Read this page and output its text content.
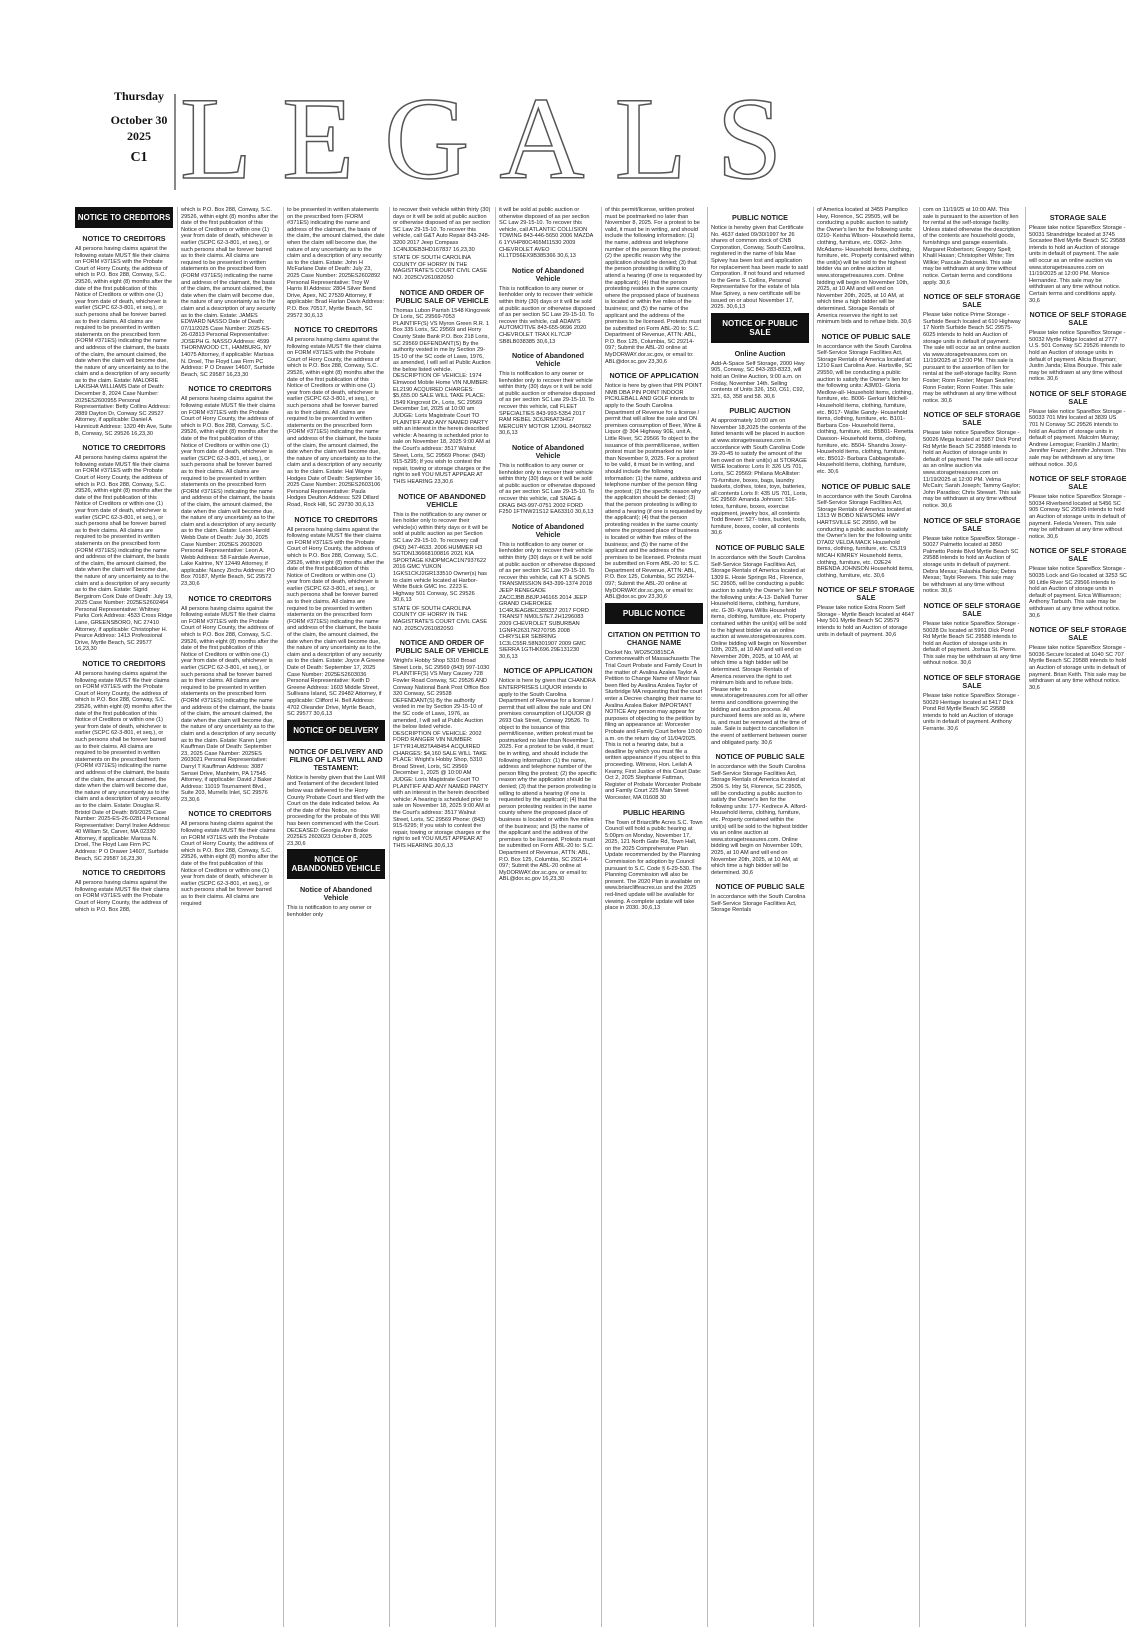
Thursday
October 30
2025
C1 LEGALS
NOTICE TO CREDITORS
NOTICE TO CREDITORS
All persons having claims against the following estate MUST file their claims on FORM #371ES with the Probate Court of Horry County, the address of which is P.O. Box 288, Conway, S.C. 29526, within eight (8) months after the date of the first publication of this Notice of Creditors or within one (1) year from date of death, whichever is earlier (SCPC 62-3-801, et seq.), or such persons shall be forever barred as to their claims. All claims are required to be presented in written statements on the prescribed form (FORM #371ES) indicating the name and address of the claimant, the basis of the claim, the amount claimed, the date when the claim will become due, the nature of any uncertainty as to the claim and a description of any security as to the claim. Estate: MALORIE LAKISHA WILLIAMS Date of Death: December 8, 2024 Case Number: 2025ES2600955 Personal Representative: Betty Collins Address: 2889 Dayton Dr, Conway SC 29527 Attorney, if applicable: Daniel A Hunnicutt Address: 1320 4th Ave, Suite B, Conway, SC 29526 16,23,30
NOTICE TO CREDITORS
All persons having claims against the following estate MUST file their claims on FORM #371ES with the Probate Court of Horry County, the address of which is P.O. Box 288, Conway, S.C. 29526, within eight (8) months after the date of the first publication of this Notice of Creditors or within one (1) year from date of death, whichever is earlier (SCPC 62-3-801, et seq.), or such persons shall be forever barred as to their claims. All claims are required to be presented in written statements on the prescribed form (FORM #371ES) indicating the name and address of the claimant, the basis of the claim, the amount claimed, the date when the claim will become due, the nature of any uncertainty as to the claim and a description of any security as to the claim. Estate: Sigrid Bergstrom Cork Date of Death: July 19, 2025 Case Number: 2025ES2602464 Personal Representative: Whitney Parks Cork Address: 4533 Cross Ridge Lane, GREENSBORO, NC 27410 Attorney, if applicable: Christopher H. Pearce Address: 1413 Professional Drive, Myrtle Beach, SC 29577 16,23,30
NOTICE TO CREDITORS
All persons having claims against the following estate MUST file their claims on FORM #371ES with the Probate Court of Horry County, the address of which is P.O. Box 288, Conway, S.C. 29526, within eight (8) months after the date of the first publication of this Notice of Creditors or within one (1) year from date of death, whichever is earlier (SCPC 62-3-801, et seq.), or such persons shall be forever barred as to their claims. All claims are required to be presented in written statements on the prescribed form (FORM #371ES) indicating the name and address of the claimant, the basis of the claim, the amount claimed, the date when the claim will become due, the nature of any uncertainty as to the claim and a description of any security as to the claim. Estate: Douglas R. Bristol Date of Death: 8/9/2025 Case Number: 2025-ES-26-02814 Personal Representative: Darryl Inslee Address: 40 William St, Carver, MA 02330 Attorney, if applicable: Marissa N. Droel, The Floyd Law Firm PC Address: P O Drawer 14607, Surfside Beach, SC 29587 16,23,30
NOTICE TO CREDITORS
All persons having claims against the following estate MUST file their claims on FORM #371ES with the Probate Court of Horry County, the address of which is P.O. Box 288,
which is P.O. Box 288, Conway, S.C. 29526, within eight (8) months after the date of the first publication of this Notice of Creditors or within one (1) year from date of death, whichever is earlier (SCPC 62-3-801, et seq.), or such persons shall be forever barred as to their claims. All claims are required to be presented in written statements on the prescribed form (FORM #371ES) indicating the name and address of the claimant, the basis of the claim, the amount claimed, the date when the claim will become due, the nature of any uncertainty as to the claim and a description of any security as to the claim. Estate: JAMES EDWARD NASSO Date of Death: 07/11/2025 Case Number: 2025-ES-26-02813 Personal Representative: JOSEPH G. NASSO Address: 4599 THORNWOOD CT., HAMBURG, NY 14075 Attorney, if applicable: Marissa N. Droel, The Floyd Law Firm PC Address: P O Drawer 14607, Surfside Beach, SC 29587 16,23,30
NOTICE TO CREDITORS
All persons having claims against the following estate MUST file their claims on FORM #371ES with the Probate Court of Horry County, the address of which is P.O. Box 288, Conway, S.C. 29526, within eight (8) months after the date of the first publication of this Notice of Creditors or within one (1) year from date of death, whichever is earlier (SCPC 62-3-801, et seq.), or such persons shall be forever barred as to their claims. All claims are required to be presented in written statements on the prescribed form (FORM #371ES) indicating the name and address of the claimant, the basis of the claim, the amount claimed, the date when the claim will become due, the nature of any uncertainty as to the claim and a description of any security as to the claim. Estate: Leon Harold Webb Date of Death: July 30, 2025 Case Number: 2025ES 2603020 Personal Representative: Leon A. Webb Address: 58 Fairdale Avenue, Lake Katrine, NY 12449 Attorney, if applicable: Nancy Zirchs Address: PO Box 70187, Myrtle Beach, SC 29572 23,30,6
NOTICE TO CREDITORS
All persons having claims against the following estate MUST file their claims on FORM #371ES with the Probate Court of Horry County, the address of which is P.O. Box 288, Conway, S.C. 29526, within eight (8) months after the date of the first publication of this Notice of Creditors or within one (1) year from date of death, whichever is earlier (SCPC 62-3-801, et seq.), or such persons shall be forever barred as to their claims. All claims are required to be presented in written statements on the prescribed form (FORM #371ES) indicating the name and address of the claimant, the basis of the claim, the amount claimed, the date when the claim will become due, the nature of any uncertainty as to the claim and a description of any security as to the claim. Estate: Karen Lynn Kauffman Date of Death: September 23, 2025 Case Number: 2025ES 2603021 Personal Representative: Darryl T Kauffman Address: 3087 Sensei Drive, Manheim, PA 17545 Attorney, if applicable: David J Baker Address: 11019 Tournament Blvd., Suite 203, Murrells Inlet, SC 29576 23,30,6
NOTICE TO CREDITORS
All persons having claims against the following estate MUST file their claims on FORM #371ES with the Probate Court of Horry County, the address of which is P.O. Box 288, Conway, S.C. 29526, within eight (8) months after the date of the first publication of this Notice of Creditors or within one (1) year from date of death, whichever is earlier (SCPC 62-3-801, et seq.), or such persons shall be forever barred as to their claims. All claims are required
to be presented in written statements on the prescribed form (FORM #371ES) indicating the name and address of the claimant, the basis of the claim, the amount claimed, the date when the claim will become due, the nature of any uncertainty as to the claim and a description of any security as to the claim. Estate: John H McFarlane Date of Death: July 23, 2025 Case Number: 2025ES2602892 Personal Representative: Troy W Harris III Address: 2804 Silver Bend Drive, Apex, NC 27539 Attorney, if applicable: Brad Harlan Davis Address: P.O. Box 70517, Myrtle Beach, SC 29572 30,6,13
NOTICE TO CREDITORS
All persons having claims against the following estate MUST file their claims on FORM #371ES with the Probate Court of Horry County, the address of which is P.O. Box 288, Conway, S.C. 29526, within eight (8) months after the date of the first publication of this Notice of Creditors or within one (1) year from date of death, whichever is earlier (SCPC 62-3-801, et seq.), or such persons shall be forever barred as to their claims. All claims are required to be presented in written statements on the prescribed form (FORM #371ES) indicating the name and address of the claimant, the basis of the claim, the amount claimed, the date when the claim will become due, the nature of any uncertainty as to the claim and a description of any security as to the claim. Estate: Hal Wayne Hodges Date of Death: September 16, 2025 Case Number: 2025ES2603106 Personal Representative: Paula Hodges Deulton Address: 529 Dillard Road, Rock Hill, SC 29730 30,6,13
NOTICE TO CREDITORS
All persons having claims against the following estate MUST file their claims on FORM #371ES with the Probate Court of Horry County, the address of which is P.O. Box 288, Conway, S.C. 29526, within eight (8) months after the date of the first publication of this Notice of Creditors or within one (1) year from date of death, whichever is earlier (SCPC 62-3-801, et seq.), or such persons shall be forever barred as to their claims. All claims are required to be presented in written statements on the prescribed form (FORM #371ES) indicating the name and address of the claimant, the basis of the claim, the amount claimed, the date when the claim will become due, the nature of any uncertainty as to the claim and a description of any security as to the claim. Estate: Joyce A Greene Date of Death: September 17, 2025 Case Number: 2025ES2603036 Personal Representative: Keith D Greene Address: 1603 Middle Street, Sullivans Island, SC 29482 Attorney, if applicable: Clifford H. Bell Address: 4702 Oleander Drive, Myrtle Beach, SC 29577 30,6,13
NOTICE OF DELIVERY
NOTICE OF DELIVERY AND FILING OF LAST WILL AND TESTAMENT:
Notice is hereby given that the Last Will and Testament of the decedent listed below was delivered to the Horry County Probate Court and filed with the Court on the date indicated below. As of the date of this Notice, no proceeding for the probate of this Will has been commenced with the Court. DECEASED: Georgia Ann Brake 2025ES 2603023 October 8, 2025 23,30,6
NOTICE OF ABANDONED VEHICLE
Notice of Abandoned Vehicle
This is notification to any owner or lienholder only
to recover their vehicle within thirty (30) days or it will be sold at public auction or otherwise disposed of as per section SC Law 29-15-10. To recover this vehicle, call G&T Auto Repair 843-248-3200 2017 Jeep Compass 1C4NJDEB3HD167837 16,23,30
STATE OF SOUTH CAROLINA COUNTY OF HORRY IN THE MAGISTRATE'S COURT CIVIL CASE NO. 2025CV2610820S0
NOTICE AND ORDER OF PUBLIC SALE OF VEHICLE
Thomas Lubon Parrish 1548 Kingcreek Dr Loris, SC 29569-7053 PLAINTIFF(S) VS Myron Green R.R. 1 Box 335 Loris, SC 29569 and Horry County State Bank P.O. Box 218 Loris, SC 29569 DEFENDANT(S) By the authority vested in me by Section 29-15-10 of the SC code of Laws, 1976, as amended, I will sell at Public Auction the below listed vehicle. DESCRIPTION OF VEHICLE: 1974 Elmwood Mobile Home VIN NUMBER: EL2190 ACQUIRED CHARGES: $5,655.00 SALE WILL TAKE PLACE: 1549 Kingcrest Dr., Loris, SC 29569 December 1st, 2025 at 10:00 am JUDGE: Loris Magistrate Court TO PLAINTIFF AND ANY NAMED PARTY with an interest in the herein described vehicle: A hearing is scheduled prior to sale on November 18, 2025 9:00 AM at the Court's address: 3517 Walnut Street, Loris, SC 29569 Phone: (843) 915-5295; If you wish to contest the repair, towing or storage charges or the right to sell YOU MUST APPEAR AT THIS HEARING 23,30,6
NOTICE OF ABANDONED VEHICLE
This is the notification to any owner or lien holder only to recover their vehicle(s) within thirty days or it will be sold at public auction as per Section SC Law 29-15-10. To recovery call (843) 347-4633. 2006 HUMMER H3 5GTDN136668100816 2021 KIA SPORTAGE KNDPMCAC1N7937622 2016 GMC YUKON 1GKS1CKJ2GR133510 Owner(s) has to claim vehicle located at Harbor-White Buick GMC Inc. 2223 E. Highway 501 Conway, SC 29526 30,6,13
STATE OF SOUTH CAROLINA COUNTY OF HORRY IN THE MAGISTRATE'S COURT CIVIL CASE NO. 2025CV2610820S0
NOTICE AND ORDER OF PUBLIC SALE OF VEHICLE
Wright's Hobby Shop 5310 Broad Street Loris, SC 29569 (843) 997-1030 PLAINTIFF(S) VS Mary Causey 728 Fowler Road Conway, SC 29526 AND Conway National Bank Post Office Box 320 Conway, SC 29528 DEFENDANT(S) By the authority vested in me by Section 29-15-10 of the SC code of Laws, 1976, as amended, I will sell at Public Auction the below listed vehicle. DESCRIPTION OF VEHICLE: 2002 FORD RANGER VIN NUMBER: 1FTYR14U82TA48454 ACQUIRED CHARGES: $4,160 SALE WILL TAKE PLACE: Wright's Hobby Shop, 5310 Broad Street, Loris, SC 29569 December 1, 2025 @ 10:00 AM JUDGE: Loris Magistrate Court TO PLAINTIFF AND ANY NAMED PARTY with an interest in the herein described vehicle: A hearing is scheduled prior to sale on November 18, 2025 9:00 AM at the Court's address: 3517 Walnut Street, Loris, SC 29569 Phone: (843) 915-5295; If you wish to contest the repair, towing or storage charges or the right to sell YOU MUST APPEAR AT THIS HEARING 30,6,13
it will be sold at public auction or otherwise disposed of as per section SC Law 29-15-10. To recover this vehicle, call ATLANTIC COLLISION TOWING 843-446-5650 2006 MAZDA 6 1YVHP80C465M11530 2009 CHEVROLET AVEO KL1TD56EX9B385366 30,6,13
Notice of Abandoned Vehicle
This is notification to any owner or lienholder only to recover their vehicle within thirty (30) days or it will be sold at public auction or otherwise disposed of as per section SC Law 29-15-10. To recover this vehicle, call ADAM'S AUTOMOTIVE 843-655-9696 2020 CHEVROLET TRAX KL7CJP SB8LB038385 30,6,13
Notice of Abandoned Vehicle
This is notification to any owner or lienholder only to recover their vehicle within thirty (30) days or it will be sold at public auction or otherwise disposed of as per section SC Law 29-15-10. To recover this vehicle, call FLEET SPECIALTIES 843-993-5354 2017 RAM REBEL 3C6JR6AT3HG7 MERCURY MOTOR 1ZXKL 8407662 30,6,13
Notice of Abandoned Vehicle
This is notification to any owner or lienholder only to recover their vehicle within thirty (30) days or it will be sold at public auction or otherwise disposed of as per section SC Law 29-15-10. To recover this vehicle, call SNAG & DRAG 843-997-0751 2002 FORD F250 1FTNW21S12 EA63310 30,6,13
Notice of Abandoned Vehicle
This is notification to any owner or lienholder only to recover their vehicle within thirty (30) days or it will be sold at public auction or otherwise disposed of as per section SC Law 29-15-10. To recover this vehicle, call KT & SONS TRANSMISSION 843-399-1374 2018 JEEP RENEGADE ZACCJBB.B8JPJ46165 2014 JEEP GRAND CHEROKEE 1C4RJEAG8EC389337 2017 FORD TRANSIT NM0LS7E7.2H1296083 2009 CHEVROLET SUBURBAN 1GNFK26317R270795 2008 CHRYSLER SEBRING 1C3LC55R.58N301907 2009 GMC SIERRA 1GTHK696.29E131230 30,6,13
NOTICE OF APPLICATION
Notice is here by given that CHANDRA ENTERPRISES LIQUOR intends to apply to the South Carolina Department of Revenue for a license / permit that will allow the sale and ON premises consumption of LIQUOR @ 2693 Oak Street, Conway 29526. To object to the issuance of this permit/license, written protest must be postmarked no later than November 1, 2025. For a protest to be valid, it must be in writing, and should include the following information: (1) the name, address and telephone number of the person filing the protest; (2) the specific reason why the application should be denied; (3) that the person protesting is willing to attend a hearing (if one is requested by the applicant); (4) that the person protesting resides in the same county where the proposed place of business is located or within five miles of the business; and (5) the name of the applicant and the address of the premises to be licensed. Protests must be submitted on Form ABL-20 to: S.C. Department of Revenue, ATTN: ABL, P.O. Box 125, Columbia, SC 29214-097; Submit the ABL-20 online at MyDORWAY.dor.sc.gov, or email to: ABL@dor.sc.gov 16,23,30
of this permit/license, written protest must be postmarked no later than November 8, 2025. For a protest to be valid, it must be in writing, and should include the following information: (1) the name, address and telephone number of the person filing the protest; (2) the specific reason why the application should be denied; (3) that the person protesting is willing to attend a hearing (if one is requested by the applicant); (4) that the person protesting resides in the same county where the proposed place of business is located or within five miles of the business; and (5) the name of the applicant and the address of the premises to be licensed. Protests must be submitted on Form ABL-20 to: S.C. Department of Revenue, ATTN: ABL, P.O. Box 125, Columbia, SC 29214-097; Submit the ABL-20 online at MyDORWAY.dor.sc.gov, or email to: ABL@dor.sc.gov 23,30,6
NOTICE OF APPLICATION
Notice is here by given that PIN POINT NMB DBA PIN POINT INDOOR PICKLEBALL AND GOLF intends to apply to the South Carolina Department of Revenue for a license / permit that will allow the sale and ON premises consumption of Beer, Wine & Liquor @ 304 Highway 90E, unit A, Little River, SC 29566 To object to the issuance of this permit/license, written protest must be postmarked no later than November 9, 2025. For a protest to be valid, it must be in writing, and should include the following information: (1) the name, address and telephone number of the person filing the protest; (2) the specific reason why the application should be denied; (3) that the person protesting is willing to attend a hearing (if one is requested by the applicant); (4) that the person protesting resides in the same county where the proposed place of business is located or within five miles of the business; and (5) the name of the applicant and the address of the premises to be licensed. Protests must be submitted on Form ABL-20 to: S.C. Department of Revenue, ATTN: ABL, P.O. Box 125, Columbia, SC 29214-097; Submit the ABL-20 online at MyDORWAY.dor.sc.gov, or email to: ABL@dor.sc.gov 23,30,6
PUBLIC NOTICE
CITATION ON PETITION TO CHANGE NAME
Docket No. WO25C0815CA Commonwealth of Massachusetts The Trial Court Probate and Family Court In the matter of: Avalina Azalea Taylor A Petition to Change Name of Minor has been filed by Avalina Azalea Taylor of Sturbridge MA requesting that the court enter a Decree changing their name to: Avalina Azalea Baker IMPORTANT NOTICE Any person may appear for purposes of objecting to the petition by filing an appearance at: Worcester Probate and Family Court before 10:00 a.m. on the return day of 11/04/2025. This is not a hearing date, but a deadline by which you must file a written appearance if you object to this proceeding. Witness, Hon. Leilah A Keamy, First Justice of this Court Date: Oct 2, 2025 Stephanie Fattman, Register of Probate Worcester Probate and Family Court 225 Main Street Worcester, MA 01608 30
PUBLIC HEARING
The Town of Briarcliffe Acres S.C. Town Council will hold a public hearing at 5:00pm on Monday, November 17, 2025, 121 North Gate Rd, Town Hall, on the 2025 Comprehensive Plan Update recommended by the Planning Commission for adoption by Council pursuant to S.C. Code § 6-29-530. The Planning Commission will also be present. The 2020 Plan is available on www.briarcliffeacres.us and the 2025 red-lined update will be available for viewing. A complete update will take place in 2030. 30,6,13
PUBLIC NOTICE
Notice is hereby given that Certificate No. 4637 dated 09/30/1997 for 26 shares of common stock of CNB Corporation, Conway, South Carolina, registered in the name of Isla Mae Spivey has been lost and application for replacement has been made to said Corporation. If not found and returned to the Gene S. Collins, Personal Representative for the estate of Isla Mae Spivey, a new certificate will be issued on or about November 17, 2025. 30,6,13
NOTICE OF PUBLIC SALE
Online Auction
Add-A-Space Self Storage, 2000 Hwy 905, Conway, SC 843-283-8323, will hold an Online Auction, 9:00 a.m. on Friday, November 14th. Selling contents of Units 326, 150, C61, C92, 321, 63, 358 and 58. 30,6
PUBLIC AUCTION
At approximately 10:00 am on November 18,2025 the contents of the listed tenants will be placed in auction at www.storagetreasures.com in accordance with South Carolina Code 39-20-45 to satisfy the amount of the lien owed on their unit(s) at STORAGE WISE locations: Loris II: 326 US 701, Loris, SC 29569: Philana McAllister: 79-furniture, boxes, bags, laundry baskets, clothes, totes, toys, batteries, all contents Loris II: 435 US 701, Loris, SC 29569: Amanda Johnson: 516- totes, furniture, boxes, exercise equipment, jewelry box, all contents Todd Brewer: 527- totes, bucket, tools, furniture, boxes, cooler, all contents 30,6
NOTICE OF PUBLIC SALE
In accordance with the South Carolina Self-Service Storage Facilities Act, Storage Rentals of America located at 1309 E. Hosie Springs Rd., Florence, SC 29505, will be conducting a public auction to satisfy the Owner's lien for the following units: A-13- DaNell Turner Household items, clothing, furniture, etc. G-30- Kyana Willis Household items, clothing, furniture, etc. Property contained within the unit(s) will be sold to the highest bidder via an online auction at www.storagetreasures.com. Online bidding will begin on November 10th, 2025, at 10 AM and will end on November 20th, 2025, at 10 AM, at which time a high bidder will be determined. Storage Rentals of America reserves the right to set minimum bids and to refuse bids. Please refer to www.storagetreasures.com for all other terms and conditions governing the bidding and auction process. All purchased items are sold as is, where is, and must be removed at the time of sale. Sale is subject to cancellation in the event of settlement between owner and obligated party. 30,6
NOTICE OF PUBLIC SALE
In accordance with the South Carolina Self-Service Storage Facilities Act, Storage Rentals of America located at 2506 S. Irby St, Florence, SC 29505, will be conducting a public auction to satisfy the Owner's lien for the following units: 177- Kedrece A. Alford- Household items, clothing, furniture, etc. Property contained within the unit(s) will be sold to the highest bidder via an online auction at www.storagetreasures.com. Online bidding will begin on November 10th, 2025, at 10 AM and will end on November 20th, 2025, at 10 AM, at which time a high bidder will be determined. 30,6
NOTICE OF PUBLIC SALE
In accordance with the South Carolina Self-Service Storage Facilities Act, Storage Rentals
of America located at 3455 Pamplico Hwy, Florence, SC 29505, will be conducting a public auction to satisfy the Owner's lien for the following units: 0210- Keisha Wilson- Household items, clothing, furniture, etc. 0362- John McAdams- Household items, clothing, furniture, etc. Property contained within the unit(s) will be sold to the highest bidder via an online auction at www.storagetreasures.com. Online bidding will begin on November 10th, 2025, at 10 AM and will end on November 20th, 2025, at 10 AM, at which time a high bidder will be determined. Storage Rentals of America reserves the right to set minimum bids and to refuse bids. 30,6
NOTICE OF PUBLIC SALE
In accordance with the South Carolina Self-Service Storage Facilities Act, Storage Rentals of America located at 1210 East Carolina Ave. Hartsville, SC 29550, will be conducting a public auction to satisfy the Owner's lien for the following units: A3M01- Gloria Medlow-all- Household items, clothing, furniture, etc. B006- Gerkari Mitchell- Household items, clothing, furniture, etc. B017- Wallie Gandy- Household items, clothing, furniture, etc. B101- Barbara Cox- Household items, clothing, furniture, etc. B5B01- Renetta Dawson- Household items, clothing, furniture, etc. B504- Shandra Josey- Household items, clothing, furniture, etc. B5012- Barbara Cabbagestalk- Household items, clothing, furniture, etc. 30,6
NOTICE OF PUBLIC SALE
In accordance with the South Carolina Self-Service Storage Facilities Act, Storage Rentals of America located at 1313 W BOBO NEWSOME HWY HARTSVILLE SC 29550, will be conducting a public auction to satisfy the Owner's lien for the following units: D7A02 VELDA MACK Household items, clothing, furniture, etc. C5J19 MICAH KIMREY Household items, clothing, furniture, etc. O2E24 BRENDA JOHNSON Household items, clothing, furniture, etc. 30,6
NOTICE OF SELF STORAGE SALE
Please take notice Extra Room Self Storage - Myrtle Beach located at 4647 Hwy 501 Myrtle Beach SC 29579 intends to hold an Auction of storage units in default of payment. 30,6
com on 11/19/25 at 10:00 AM. This sale is pursuant to the assertion of lien for rental at the self-storage facility. Unless stated otherwise the description of the contents are household goods, furnishings and garage essentials. Margaret Robertson; Gregory Spell; Khalil Hasan; Christopher White; Tim Wilkie; Pascale Ziskowski. This sale may be withdrawn at any time without notice. Certain terms and conditions apply. 30,6
NOTICE OF SELF STORAGE SALE
Please take notice Prime Storage - Surfside Beach located at 610 Highway 17 North Surfside Beach SC 29575-6025 intends to hold an Auction of storage units in default of payment. The sale will occur as an online auction via www.storagetreasures.com on 11/19/2025 at 12:00 PM. This sale is pursuant to the assertion of lien for rental at the self-storage facility. Ronn Foster; Ronn Foster; Megan Searles; Ronn Foster; Ronn Foster. This sale may be withdrawn at any time without notice. 30,6
NOTICE OF SELF STORAGE SALE
Please take notice SpareBox Storage - 50026 Mega located at 3957 Dick Pond Rd Myrtle Beach SC 29588 intends to hold an Auction of storage units in default of payment. The sale will occur as an online auction via www.storagetreasures.com on 11/19/2025 at 12:00 PM. Velma McCain; Sarah Joseph; Tammy Gaylor; John Paradiso; Chris Stewart. This sale may be withdrawn at any time without notice. 30,6
NOTICE OF SELF STORAGE SALE
Please take notice SpareBox Storage - 50027 Palmetto located at 3850 Palmetto Pointe Blvd Myrtle Beach SC 29588 intends to hold an Auction of storage units in default of payment. Debra Mexas; Falashia Banks; Debra Mexas; Taybi Reeves. This sale may be withdrawn at any time without notice. 30,6
NOTICE OF SELF STORAGE SALE
Please take notice SpareBox Storage - 50028 Ds located at 5991 Dick Pond Rd Myrtle Beach SC 29588 intends to hold an Auction of storage units in default of payment. Joshua St. Pierre. This sale may be withdrawn at any time without notice. 30,6
NOTICE OF SELF STORAGE SALE
Please take notice SpareBox Storage - 50029 Heritage located at 5417 Dick Pond Rd Myrtle Beach SC 29588 intends to hold an Auction of storage units in default of payment. Anthony Ferrante. 30,6
STORAGE SALE
Please take notice SpareBox Storage - 50031 Strandridge located at 3745 Socastee Blvd Myrtle Beach SC 29588 intends to hold an Auction of storage units in default of payment. The sale will occur as an online auction via www.storagetreasures.com on 11/19/2025 at 12:00 PM. Monice Hernandez. This sale may be withdrawn at any time without notice. Certain terms and conditions apply. 30,6
NOTICE OF SELF STORAGE SALE
Please take notice SpareBox Storage - 50032 Myrtle Ridge located at 2777 U.S. 501 Conway SC 29526 intends to hold an Auction of storage units in default of payment. Alicia Brayman; Justin Janda; Elisa Bouque. This sale may be withdrawn at any time without notice. 30,6
NOTICE OF SELF STORAGE SALE
Please take notice SpareBox Storage - 50033 701 Mini located at 3839 US 701 N Conway SC 29526 intends to hold an Auction of storage units in default of payment. Malcolm Murray; Andrew Lemogue; Franklin J Martin; Jennifer Frazer; Jennifer Johnson. This sale may be withdrawn at any time without notice. 30,6
NOTICE OF SELF STORAGE SALE
Please take notice SpareBox Storage - 50034 Riverbend located at 5456 SC 905 Conway SC 29526 intends to hold an Auction of storage units in default of payment. Felecia Vereen. This sale may be withdrawn at any time without notice. 30,6
NOTICE OF SELF STORAGE SALE
Please take notice SpareBox Storage - 50035 Lock and Go located at 3253 SC 90 Little River SC 29566 intends to hold an Auction of storage units in default of payment. Erica Williamson; Anthony Tarbush. This sale may be withdrawn at any time without notice. 30,6
NOTICE OF SELF STORAGE SALE
Please take notice SpareBox Storage - 50036 Secure located at 1040 SC 707 Myrtle Beach SC 29588 intends to hold an Auction of storage units in default of payment. Brian Keith. This sale may be withdrawn at any time without notice. 30,6
